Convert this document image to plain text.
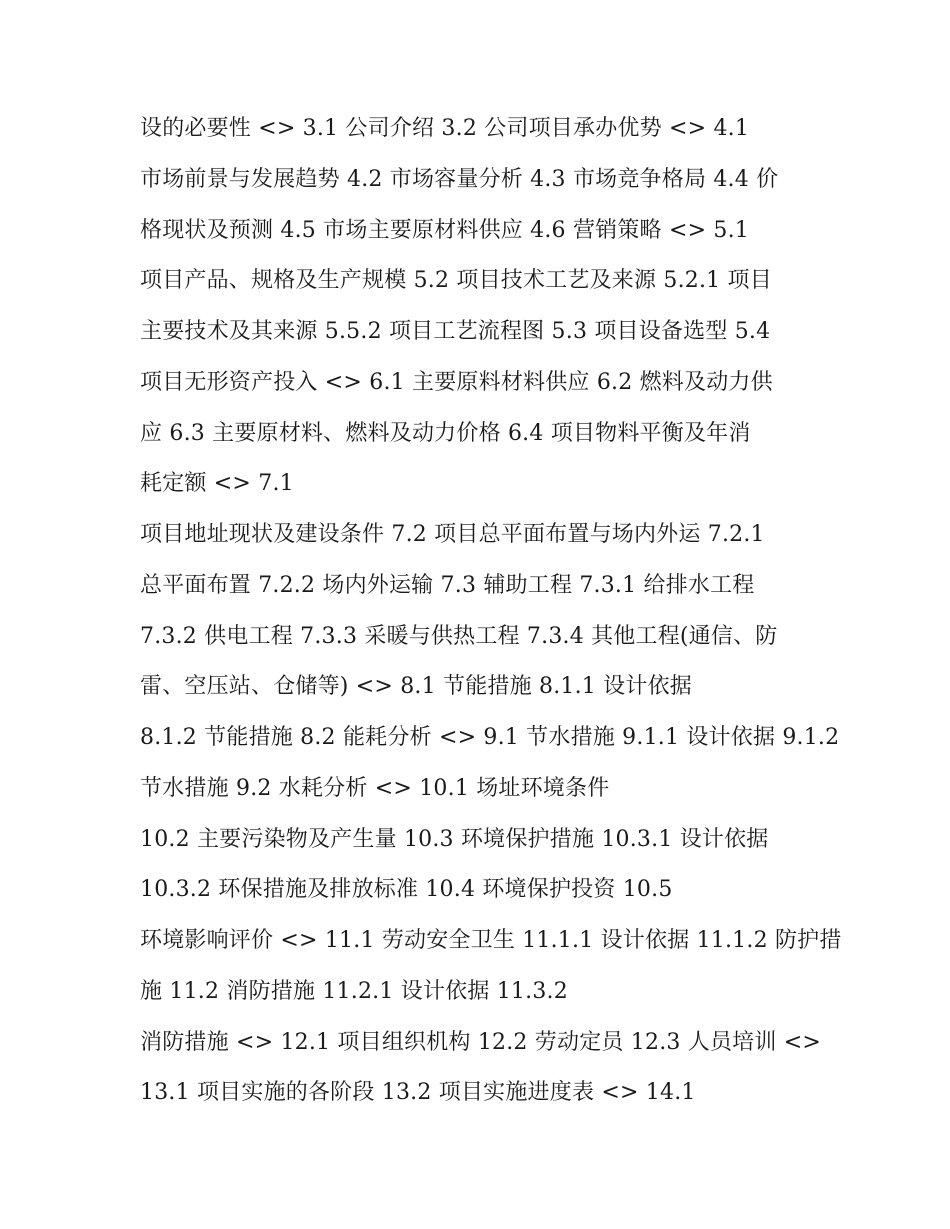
设的必要性 <> 3.1 公司介绍 3.2 公司项目承办优势 <> 4.1
市场前景与发展趋势 4.2 市场容量分析 4.3 市场竞争格局 4.4 价
格现状及预测 4.5 市场主要原材料供应 4.6 营销策略 <> 5.1
项目产品、规格及生产规模 5.2 项目技术工艺及来源 5.2.1 项目
主要技术及其来源 5.5.2 项目工艺流程图 5.3 项目设备选型 5.4
项目无形资产投入 <> 6.1 主要原料材料供应 6.2 燃料及动力供
应 6.3 主要原材料、燃料及动力价格 6.4 项目物料平衡及年消
耗定额 <> 7.1
项目地址现状及建设条件 7.2 项目总平面布置与场内外运 7.2.1
总平面布置 7.2.2 场内外运输 7.3 辅助工程 7.3.1 给排水工程
7.3.2 供电工程 7.3.3 采暖与供热工程 7.3.4 其他工程(通信、防
雷、空压站、仓储等) <> 8.1 节能措施 8.1.1 设计依据
8.1.2 节能措施 8.2 能耗分析 <> 9.1 节水措施 9.1.1 设计依据 9.1.2
节水措施 9.2 水耗分析 <> 10.1 场址环境条件
10.2 主要污染物及产生量 10.3 环境保护措施 10.3.1 设计依据
10.3.2 环保措施及排放标准 10.4 环境保护投资 10.5
环境影响评价 <> 11.1 劳动安全卫生 11.1.1 设计依据 11.1.2 防护措
施 11.2 消防措施 11.2.1 设计依据 11.3.2
消防措施 <> 12.1 项目组织机构 12.2 劳动定员 12.3 人员培训 <>
13.1 项目实施的各阶段 13.2 项目实施进度表 <> 14.1
